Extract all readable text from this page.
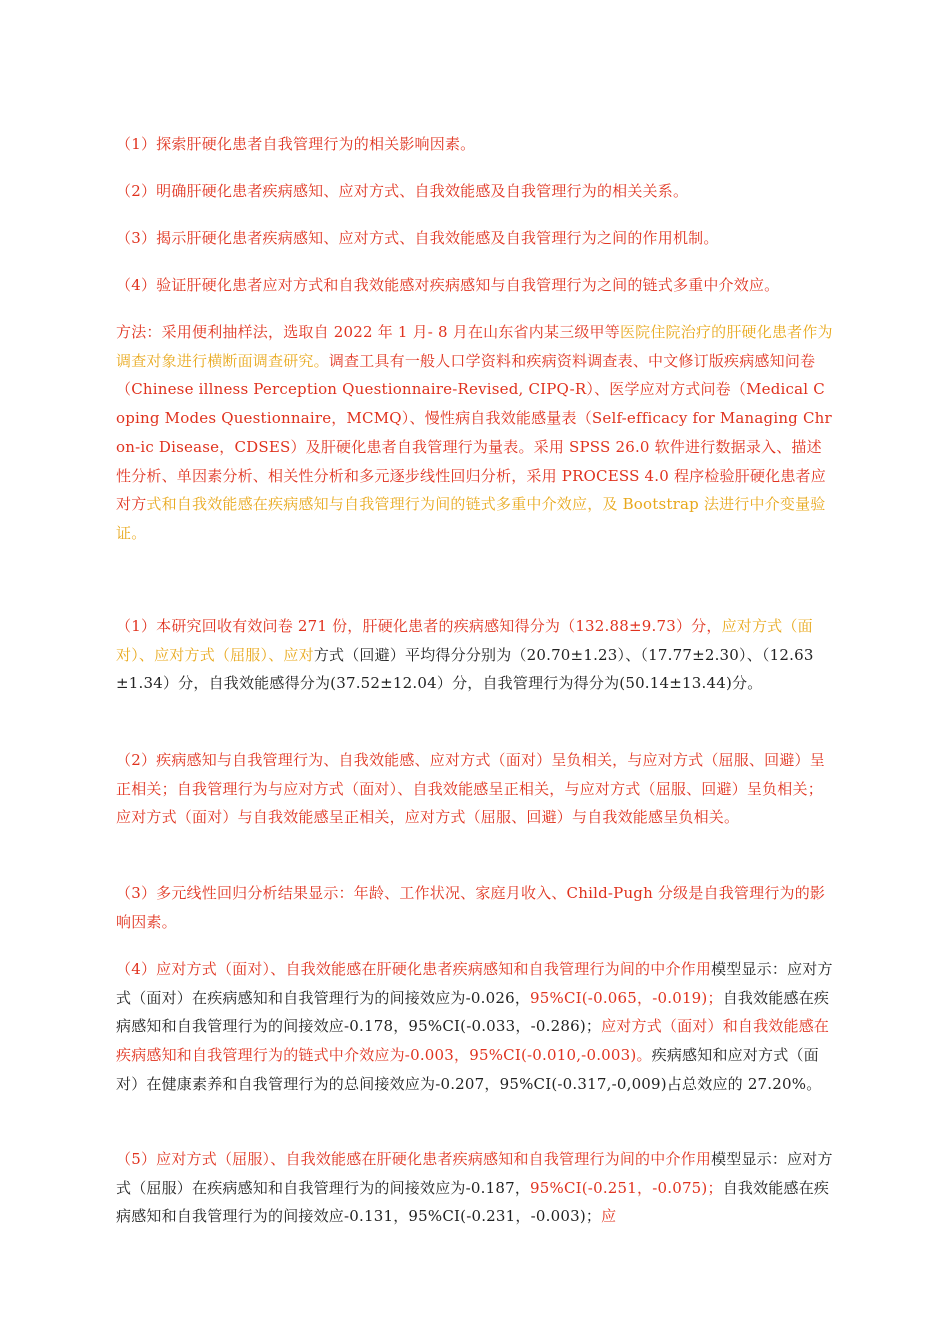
（1）探索肝硬化患者自我管理行为的相关影响因素。

（2）明确肝硬化患者疾病感知、应对方式、自我效能感及自我管理行为的相关关系。

（3）揭示肝硬化患者疾病感知、应对方式、自我效能感及自我管理行为之间的作用机制。

（4）验证肝硬化患者应对方式和自我效能感对疾病感知与自我管理行为之间的链式多重中介效应。

方法：采用便利抽样法，选取自 2022 年 1 月- 8 月在山东省内某三级甲等医院住院治疗的肝硬化患者作为调查对象进行横断面调查研究。调查工具有一般人口学资料和疾病资料调查表、中文修订版疾病感知问卷（Chinese illness Perception Questionnaire-Revised, CIPQ-R）、医学应对方式问卷（Medical Coping Modes Questionnaire，MCMQ）、慢性病自我效能感量表（Self-efficacy for Managing Chron-ic Disease，CDSES）及肝硬化患者自我管理行为量表。采用 SPSS 26.0 软件进行数据录入、描述性分析、单因素分析、相关性分析和多元逐步线性回归分析，采用 PROCESS 4.0 程序检验肝硬化患者应对方式和自我效能感在疾病感知与自我管理行为间的链式多重中介效应，及 Bootstrap 法进行中介变量验证。

（1）本研究回收有效问卷 271 份，肝硬化患者的疾病感知得分为（132.88±9.73）分，应对方式（面对）、应对方式（屈服）、应对方式（回避）平均得分分别为（20.70±1.23）、（17.77±2.30）、（12.63±1.34）分，自我效能感得分为(37.52±12.04）分，自我管理行为得分为(50.14±13.44)分。

（2）疾病感知与自我管理行为、自我效能感、应对方式（面对）呈负相关，与应对方式（屈服、回避）呈正相关；自我管理行为与应对方式（面对）、自我效能感呈正相关，与应对方式（屈服、回避）呈负相关；应对方式（面对）与自我效能感呈正相关，应对方式（屈服、回避）与自我效能感呈负相关。

（3）多元线性回归分析结果显示：年龄、工作状况、家庭月收入、Child-Pugh 分级是自我管理行为的影响因素。

（4）应对方式（面对）、自我效能感在肝硬化患者疾病感知和自我管理行为间的中介作用模型显示：应对方式（面对）在疾病感知和自我管理行为的间接效应为-0.026，95%CI(-0.065，-0.019)；自我效能感在疾病感知和自我管理行为的间接效应-0.178，95%CI(-0.033，-0.286)；应对方式（面对）和自我效能感在疾病感知和自我管理行为的链式中介效应为-0.003，95%CI(-0.010,-0.003)。疾病感知和应对方式（面对）在健康素养和自我管理行为的总间接效应为-0.207，95%CI(-0.317,-0,009)占总效应的 27.20%。

（5）应对方式（屈服）、自我效能感在肝硬化患者疾病感知和自我管理行为间的中介作用模型显示：应对方式（屈服）在疾病感知和自我管理行为的间接效应为-0.187，95%CI(-0.251，-0.075)；自我效能感在疾病感知和自我管理行为的间接效应-0.131，95%CI(-0.231，-0.003)；应
